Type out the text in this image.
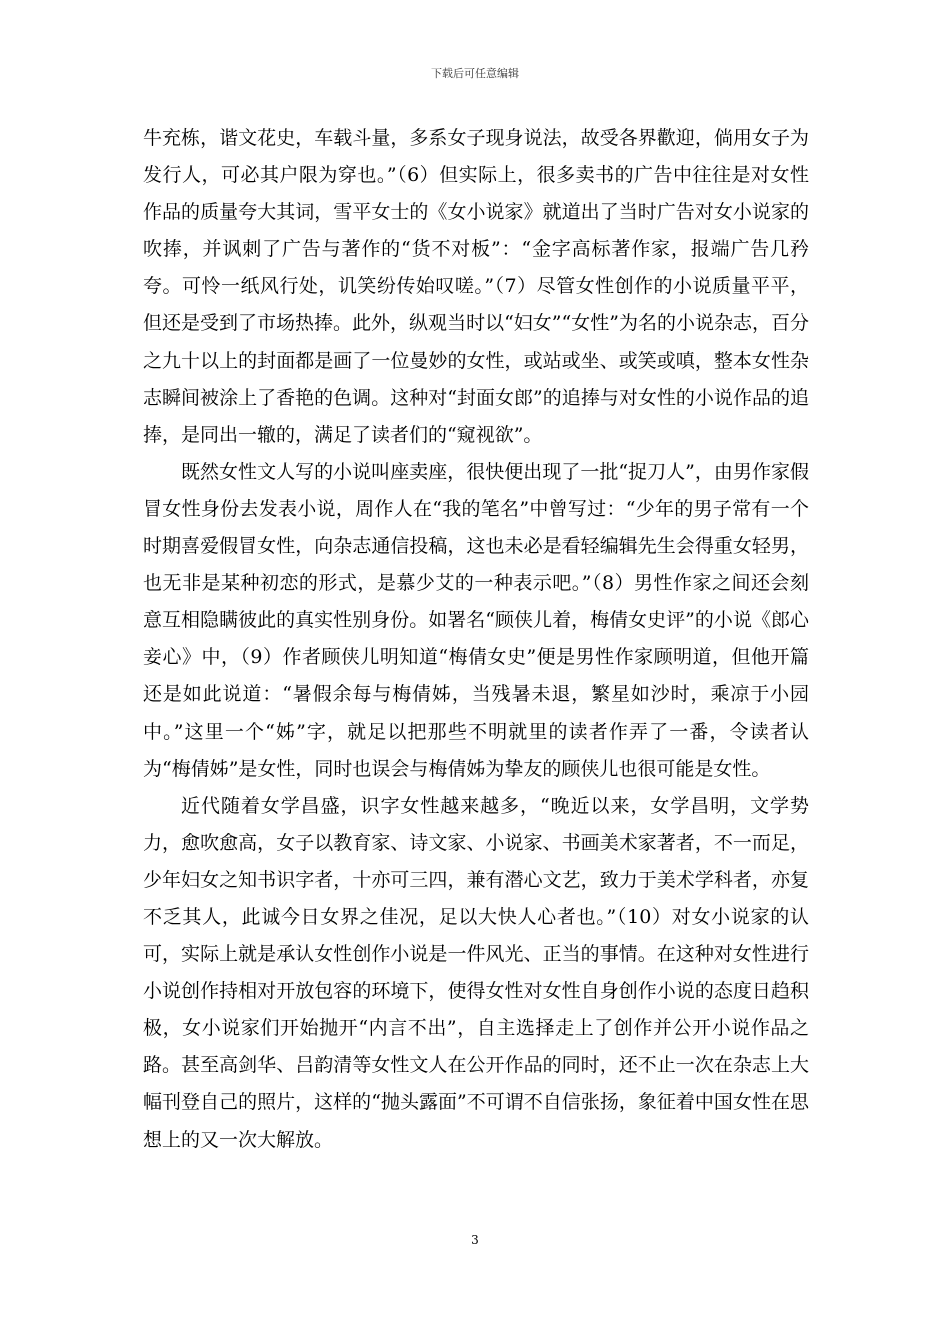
下载后可任意编辑

牛充栋，谐文花史，车载斗量，多系女子现身说法，故受各界歡迎，倘用女子为发行人，可必其户限为穿也。”（6）但实际上，很多卖书的广告中往往是对女性作品的质量夸大其词，雪平女士的《女小说家》就道出了当时广告对女小说家的吹捧，并讽刺了广告与著作的“货不对板”：“金字高标著作家，报端广告几矜夸。可怜一纸风行处，讥笑纷传始叹嗟。”（7）尽管女性创作的小说质量平平，但还是受到了市场热捧。此外，纵观当时以“妇女”“女性”为名的小说杂志，百分之九十以上的封面都是画了一位曼妙的女性，或站或坐、或笑或嗔，整本女性杂志瞬间被涂上了香艳的色调。这种对“封面女郎”的追捧与对女性的小说作品的追捧，是同出一辙的，满足了读者们的“窥视欲”。

既然女性文人写的小说叫座卖座，很快便出现了一批“捉刀人”，由男作家假冒女性身份去发表小说，周作人在“我的笔名”中曾写过：“少年的男子常有一个时期喜爱假冒女性，向杂志通信投稿，这也未必是看轻编辑先生会得重女轻男，也无非是某种初恋的形式，是慕少艾的一种表示吧。”（8）男性作家之间还会刻意互相隐瞒彼此的真实性别身份。如署名“顾侠儿着，梅倩女史评”的小说《郎心妾心》中，（9）作者顾侠儿明知道“梅倩女史”便是男性作家顾明道，但他开篇还是如此说道：“暑假余每与梅倩姊，当残暑未退，繁星如沙时，乘凉于小园中。”这里一个“姊”字，就足以把那些不明就里的读者作弄了一番，令读者认为“梅倩姊”是女性，同时也误会与梅倩姊为挚友的顾侠儿也很可能是女性。

近代随着女学昌盛，识字女性越来越多，“晚近以来，女学昌明，文学势力，愈吹愈高，女子以教育家、诗文家、小说家、书画美术家著者，不一而足，少年妇女之知书识字者，十亦可三四，兼有潜心文艺，致力于美术学科者，亦复不乏其人，此诚今日女界之佳况，足以大快人心者也。”（10）对女小说家的认可，实际上就是承认女性创作小说是一件风光、正当的事情。在这种对女性进行小说创作持相对开放包容的环境下，使得女性对女性自身创作小说的态度日趋积极，女小说家们开始抛开“内言不出”，自主选择走上了创作并公开小说作品之路。甚至高剑华、吕韵清等女性文人在公开作品的同时，还不止一次在杂志上大幅刊登自己的照片，这样的“抛头露面”不可谓不自信张扬，象征着中国女性在思想上的又一次大解放。

3
